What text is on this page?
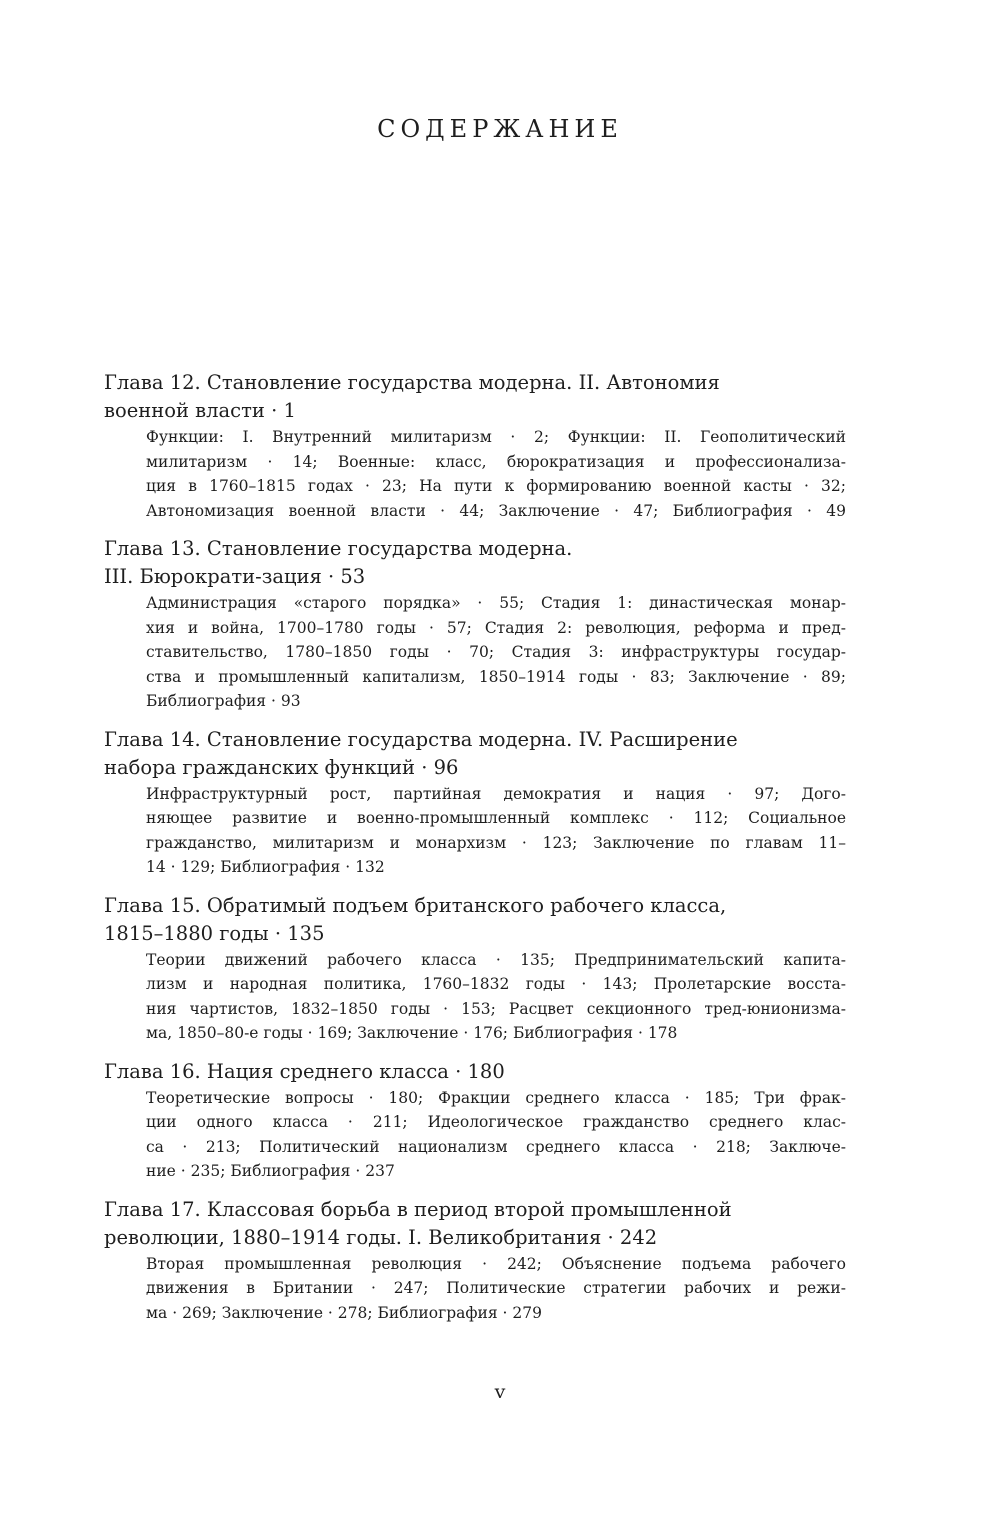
СОДЕРЖАНИЕ
Глава 12. Становление государства модерна. II. Автономия
военной власти · 1
Функции: I. Внутренний милитаризм · 2; Функции: II. Геополитический
милитаризм · 14; Военные: класс, бюрократизация и профессионализа-
ция в 1760–1815 годах · 23; На пути к формированию военной касты · 32;
Автономизация военной власти · 44; Заключение · 47; Библиография · 49
Глава 13. Становление государства модерна.
III. Бюрократи-зация · 53
Администрация «старого порядка» · 55; Стадия 1: династическая монар-
хия и война, 1700–1780 годы · 57; Стадия 2: революция, реформа и пред-
ставительство, 1780–1850 годы · 70; Стадия 3: инфраструктуры государ-
ства и промышленный капитализм, 1850–1914 годы · 83; Заключение · 89;
Библиография · 93
Глава 14. Становление государства модерна. IV. Расширение
набора гражданских функций · 96
Инфраструктурный рост, партийная демократия и нация · 97; Дого-
няющее развитие и военно-промышленный комплекс · 112; Социальное
гражданство, милитаризм и монархизм · 123; Заключение по главам 11–
14 · 129; Библиография · 132
Глава 15. Обратимый подъем британского рабочего класса,
1815–1880 годы · 135
Теории движений рабочего класса · 135; Предпринимательский капита-
лизм и народная политика, 1760–1832 годы · 143; Пролетарские восста-
ния чартистов, 1832–1850 годы · 153; Расцвет секционного тред-юнионизма-
ма, 1850–80-е годы · 169; Заключение · 176; Библиография · 178
Глава 16. Нация среднего класса · 180
Теоретические вопросы · 180; Фракции среднего класса · 185; Три фрак-
ции одного класса · 211; Идеологическое гражданство среднего клас-
са · 213; Политический национализм среднего класса · 218; Заключе-
ние · 235; Библиография · 237
Глава 17. Классовая борьба в период второй промышленной
революции, 1880–1914 годы. I. Великобритания · 242
Вторая промышленная революция · 242; Объяснение подъема рабочего
движения в Британии · 247; Политические стратегии рабочих и режи-
ма · 269; Заключение · 278; Библиография · 279
v
